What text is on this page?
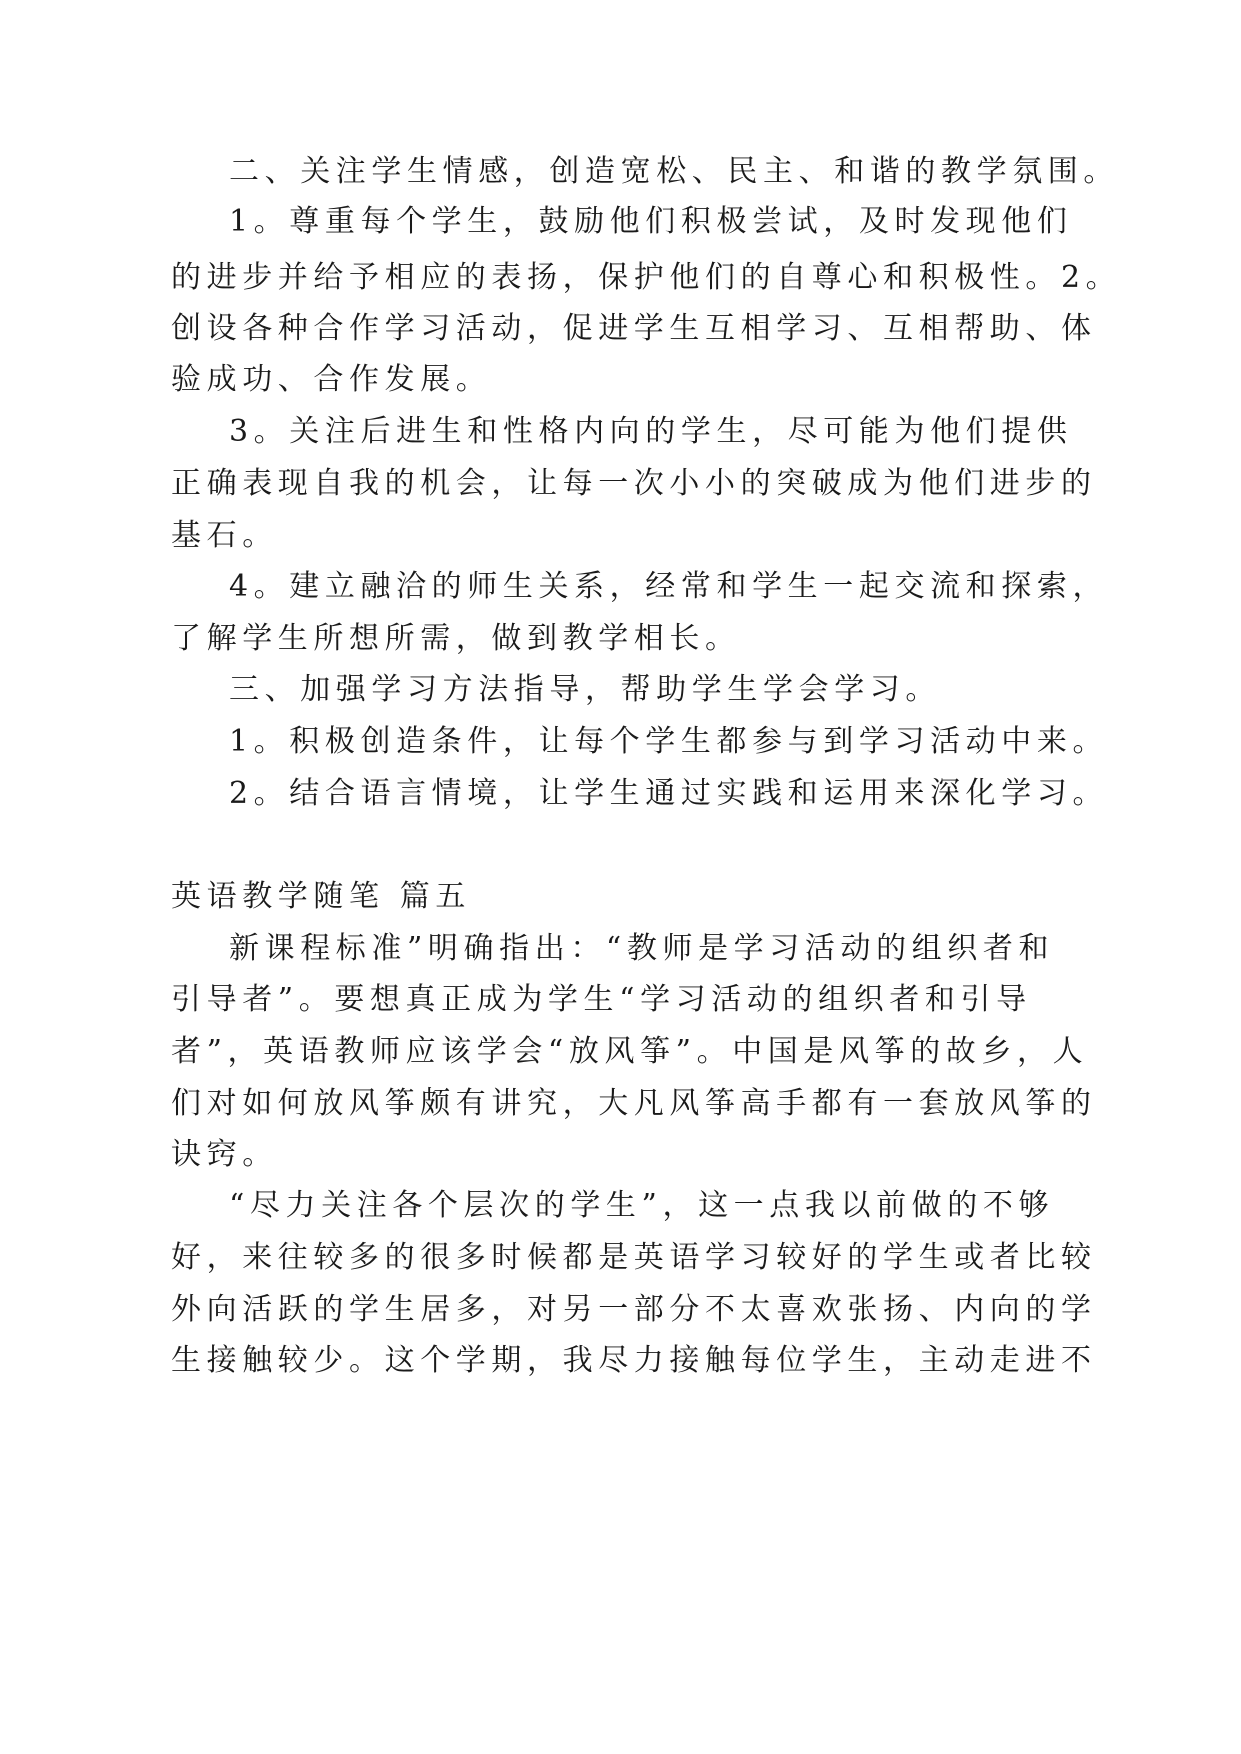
二、关注学生情感，创造宽松、民主、和谐的教学氛围。
1。尊重每个学生，鼓励他们积极尝试，及时发现他们
的进步并给予相应的表扬，保护他们的自尊心和积极性。2。
创设各种合作学习活动，促进学生互相学习、互相帮助、体
验成功、合作发展。
3。关注后进生和性格内向的学生，尽可能为他们提供
正确表现自我的机会，让每一次小小的突破成为他们进步的
基石。
4。建立融洽的师生关系，经常和学生一起交流和探索，
了解学生所想所需，做到教学相长。
三、加强学习方法指导，帮助学生学会学习。
1。积极创造条件，让每个学生都参与到学习活动中来。
2。结合语言情境，让学生通过实践和运用来深化学习。
英语教学随笔 篇五
新课程标准”明确指出：“教师是学习活动的组织者和
引导者”。要想真正成为学生“学习活动的组织者和引导
者”，英语教师应该学会“放风筝”。中国是风筝的故乡，人
们对如何放风筝颇有讲究，大凡风筝高手都有一套放风筝的
诀窍。
“尽力关注各个层次的学生”，这一点我以前做的不够
好，来往较多的很多时候都是英语学习较好的学生或者比较
外向活跃的学生居多，对另一部分不太喜欢张扬、内向的学
生接触较少。这个学期，我尽力接触每位学生，主动走进不
